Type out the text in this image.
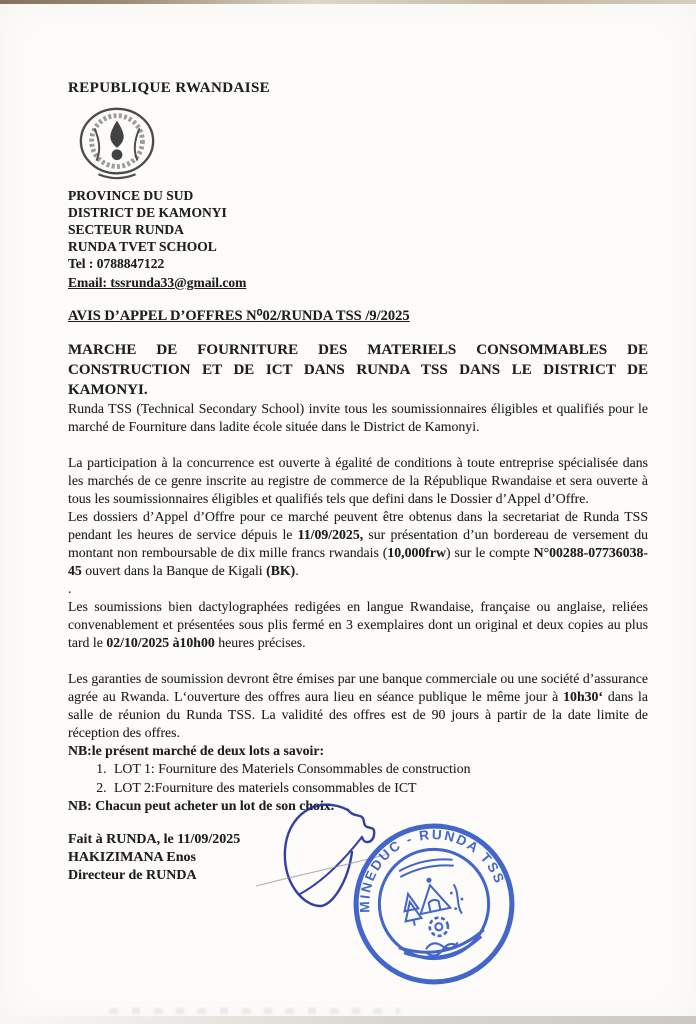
REPUBLIQUE RWANDAISE
PROVINCE DU SUD
DISTRICT DE KAMONYI
SECTEUR RUNDA
RUNDA TVET SCHOOL
Tel : 0788847122
Email: tssrunda33@gmail.com
AVIS D’APPEL D’OFFRES N⁰02/RUNDA TSS /9/2025

MARCHE DE FOURNITURE DES MATERIELS CONSOMMABLES DE CONSTRUCTION ET DE ICT DANS RUNDA TSS DANS LE DISTRICT DE KAMONYI.

Runda TSS (Technical Secondary School) invite tous les soumissionnaires éligibles et qualifiés pour le marché de Fourniture dans ladite école située dans le District de Kamonyi.

La participation à la concurrence est ouverte à égalité de conditions à toute entreprise spécialisée dans les marchés de ce genre inscrite au registre de commerce de la République Rwandaise et sera ouverte à tous les soumissionnaires éligibles et qualifiés tels que defini dans le Dossier d’Appel d’Offre.

Les dossiers d’Appel d’Offre pour ce marché peuvent être obtenus dans la secretariat de Runda TSS pendant les heures de service dépuis le 11/09/2025, sur présentation d’un bordereau de versement du montant non remboursable de dix mille francs rwandais (10,000frw) sur le compte N°00288-07736038-45 ouvert dans la Banque de Kigali (BK).

.

Les soumissions bien dactylographées redigées en langue Rwandaise, française ou anglaise, reliées convenablement et présentées sous plis fermé en 3 exemplaires dont un original et deux copies au plus tard le 02/10/2025 à10h00 heures précises.

Les garanties de soumission devront être émises par une banque commerciale ou une société d’assurance agrée au Rwanda. L‘ouverture des offres aura lieu en séance publique le même jour à 10h30‘ dans la salle de réunion du Runda TSS. La validité des offres est de 90 jours à partir de la date limite de réception des offres.

NB:le présent marché de deux lots a savoir:

1. LOT 1: Fourniture des Materiels Consommables de construction
2. LOT 2:Fourniture des materiels consommables de ICT

NB: Chacun peut acheter un lot de son choix.

Fait à RUNDA, le 11/09/2025
HAKIZIMANA Enos
Directeur de RUNDA
MINEDUC - RUNDA TSS
